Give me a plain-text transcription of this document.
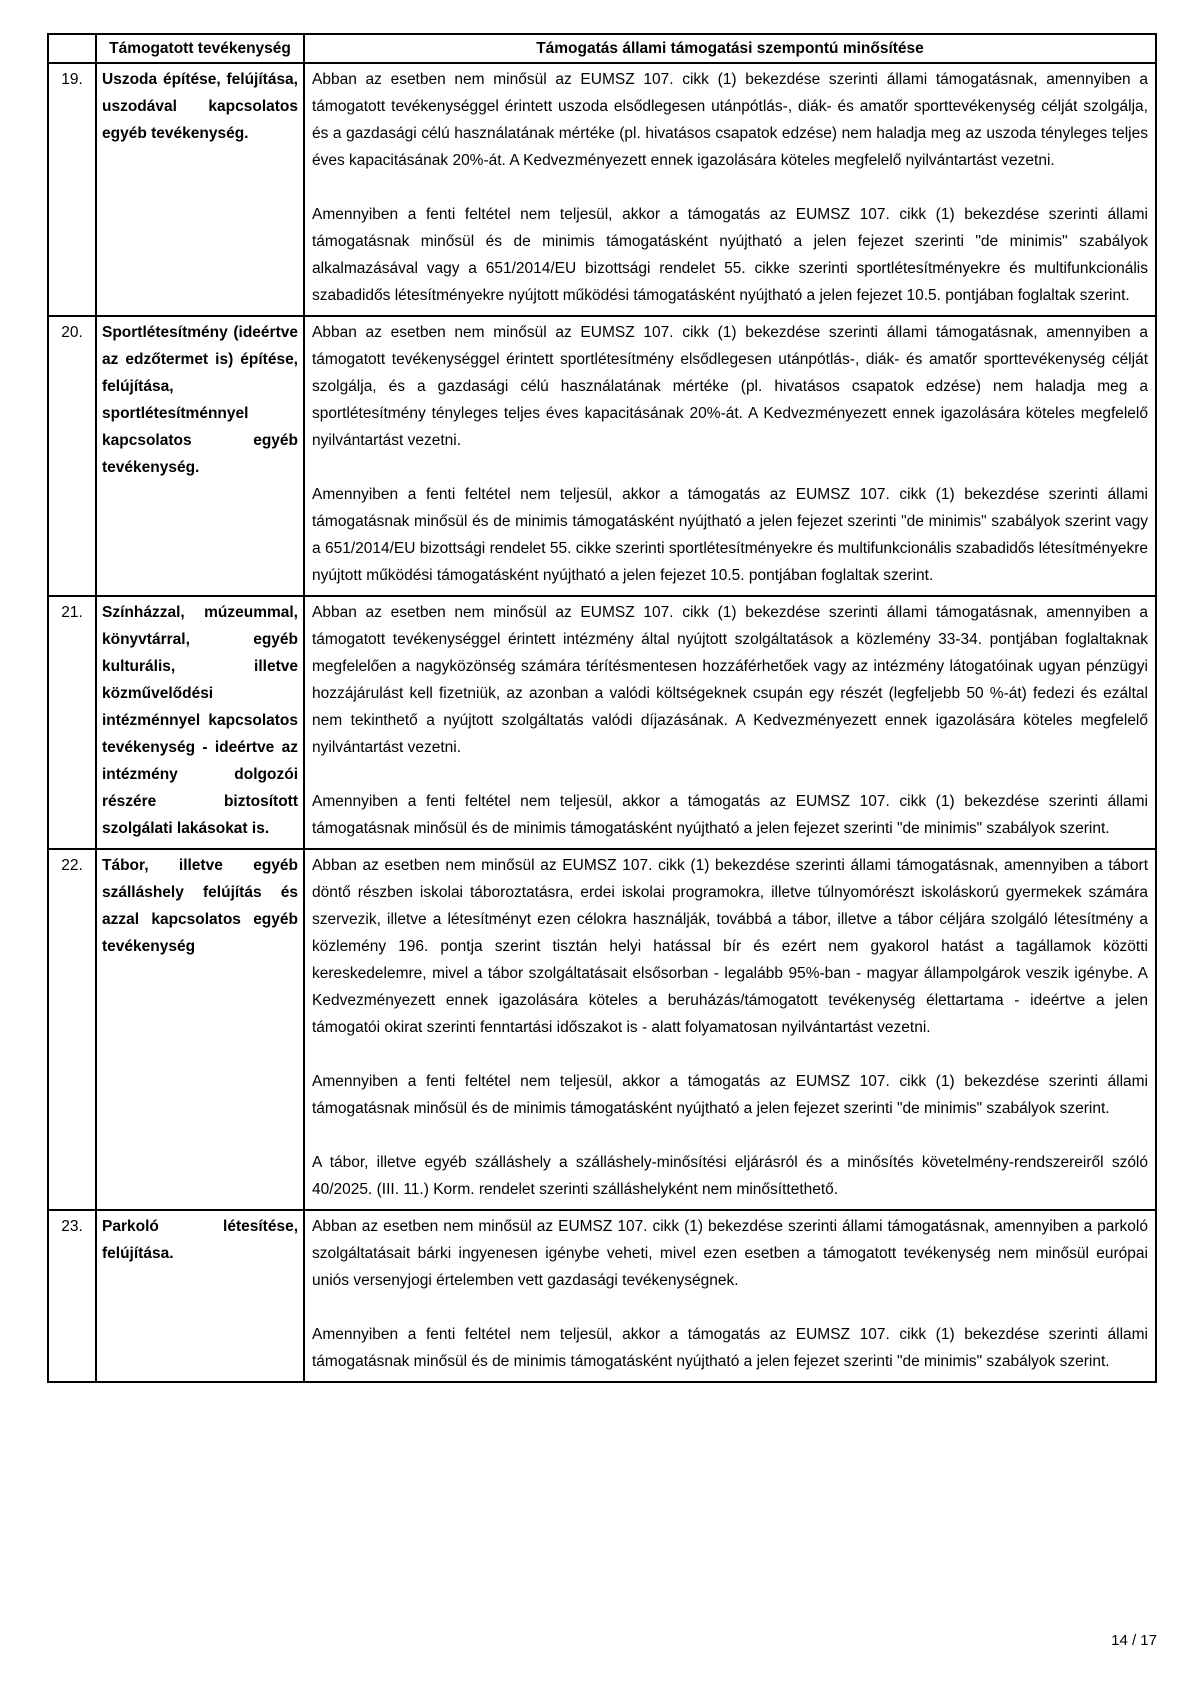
	Támogatott tevékenység	Támogatás állami támogatási szempontú minősítése
19.	Uszoda építése, felújítása, uszodával kapcsolatos egyéb tevékenység.	Abban az esetben nem minősül az EUMSZ 107. cikk (1) bekezdése szerinti állami támogatásnak, amennyiben a támogatott tevékenységgel érintett uszoda elsődlegesen utánpótlás-, diák- és amatőr sporttevékenység célját szolgálja, és a gazdasági célú használatának mértéke (pl. hivatásos csapatok edzése) nem haladja meg az uszoda tényleges teljes éves kapacitásának 20%-át. A Kedvezményezett ennek igazolására köteles megfelelő nyilvántartást vezetni.

Amennyiben a fenti feltétel nem teljesül, akkor a támogatás az EUMSZ 107. cikk (1) bekezdése szerinti állami támogatásnak minősül és de minimis támogatásként nyújtható a jelen fejezet szerinti "de minimis" szabályok alkalmazásával vagy a 651/2014/EU bizottsági rendelet 55. cikke szerinti sportlétesítményekre és multifunkcionális szabadidős létesítményekre nyújtott működési támogatásként nyújtható a jelen fejezet 10.5. pontjában foglaltak szerint.

20.	Sportlétesítmény (ideértve az edzőtermet is) építése, felújítása, sportlétesítménnyel kapcsolatos egyéb tevékenység.	Abban az esetben nem minősül az EUMSZ 107. cikk (1) bekezdése szerinti állami támogatásnak, amennyiben a támogatott tevékenységgel érintett sportlétesítmény elsődlegesen utánpótlás-, diák- és amatőr sporttevékenység célját szolgálja, és a gazdasági célú használatának mértéke (pl. hivatásos csapatok edzése) nem haladja meg a sportlétesítmény tényleges teljes éves kapacitásának 20%-át. A Kedvezményezett ennek igazolására köteles megfelelő nyilvántartást vezetni.

Amennyiben a fenti feltétel nem teljesül, akkor a támogatás az EUMSZ 107. cikk (1) bekezdése szerinti állami támogatásnak minősül és de minimis támogatásként nyújtható a jelen fejezet szerinti "de minimis" szabályok szerint vagy a 651/2014/EU bizottsági rendelet 55. cikke szerinti sportlétesítményekre és multifunkcionális szabadidős létesítményekre nyújtott működési támogatásként nyújtható a jelen fejezet 10.5. pontjában foglaltak szerint.

21.	Színházzal, múzeummal, könyvtárral, egyéb kulturális, illetve közművelődési intézménnyel kapcsolatos tevékenység - ideértve az intézmény dolgozói részére biztosított szolgálati lakásokat is.	Abban az esetben nem minősül az EUMSZ 107. cikk (1) bekezdése szerinti állami támogatásnak, amennyiben a támogatott tevékenységgel érintett intézmény által nyújtott szolgáltatások a közlemény 33-34. pontjában foglaltaknak megfelelően a nagyközönség számára térítésmentesen hozzáférhetőek vagy az intézmény látogatóinak ugyan pénzügyi hozzájárulást kell fizetniük, az azonban a valódi költségeknek csupán egy részét (legfeljebb 50 %-át) fedezi és ezáltal nem tekinthető a nyújtott szolgáltatás valódi díjazásának. A Kedvezményezett ennek igazolására köteles megfelelő nyilvántartást vezetni.

Amennyiben a fenti feltétel nem teljesül, akkor a támogatás az EUMSZ 107. cikk (1) bekezdése szerinti állami támogatásnak minősül és de minimis támogatásként nyújtható a jelen fejezet szerinti "de minimis" szabályok szerint.

22.	Tábor, illetve egyéb szálláshely felújítás és azzal kapcsolatos egyéb tevékenység	Abban az esetben nem minősül az EUMSZ 107. cikk (1) bekezdése szerinti állami támogatásnak, amennyiben a tábort döntő részben iskolai táboroztatásra, erdei iskolai programokra, illetve túlnyomórészt iskoláskorú gyermekek számára szervezik, illetve a létesítményt ezen célokra használják, továbbá a tábor, illetve a tábor céljára szolgáló létesítmény a közlemény 196. pontja szerint tisztán helyi hatással bír és ezért nem gyakorol hatást a tagállamok közötti kereskedelemre, mivel a tábor szolgáltatásait elsősorban - legalább 95%-ban - magyar állampolgárok veszik igénybe. A Kedvezményezett ennek igazolására köteles a beruházás/támogatott tevékenység élettartama - ideértve a jelen támogatói okirat szerinti fenntartási időszakot is - alatt folyamatosan nyilvántartást vezetni.

Amennyiben a fenti feltétel nem teljesül, akkor a támogatás az EUMSZ 107. cikk (1) bekezdése szerinti állami támogatásnak minősül és de minimis támogatásként nyújtható a jelen fejezet szerinti "de minimis" szabályok szerint.

A tábor, illetve egyéb szálláshely a szálláshely-minősítési eljárásról és a minősítés követelmény-rendszereiről szóló 40/2025. (III. 11.) Korm. rendelet szerinti szálláshelyként nem minősíttethető.

23.	Parkoló létesítése, felújítása.	Abban az esetben nem minősül az EUMSZ 107. cikk (1) bekezdése szerinti állami támogatásnak, amennyiben a parkoló szolgáltatásait bárki ingyenesen igénybe veheti, mivel ezen esetben a támogatott tevékenység nem minősül európai uniós versenyjogi értelemben vett gazdasági tevékenységnek.

Amennyiben a fenti feltétel nem teljesül, akkor a támogatás az EUMSZ 107. cikk (1) bekezdése szerinti állami támogatásnak minősül és de minimis támogatásként nyújtható a jelen fejezet szerinti "de minimis" szabályok szerint.

14 / 17
